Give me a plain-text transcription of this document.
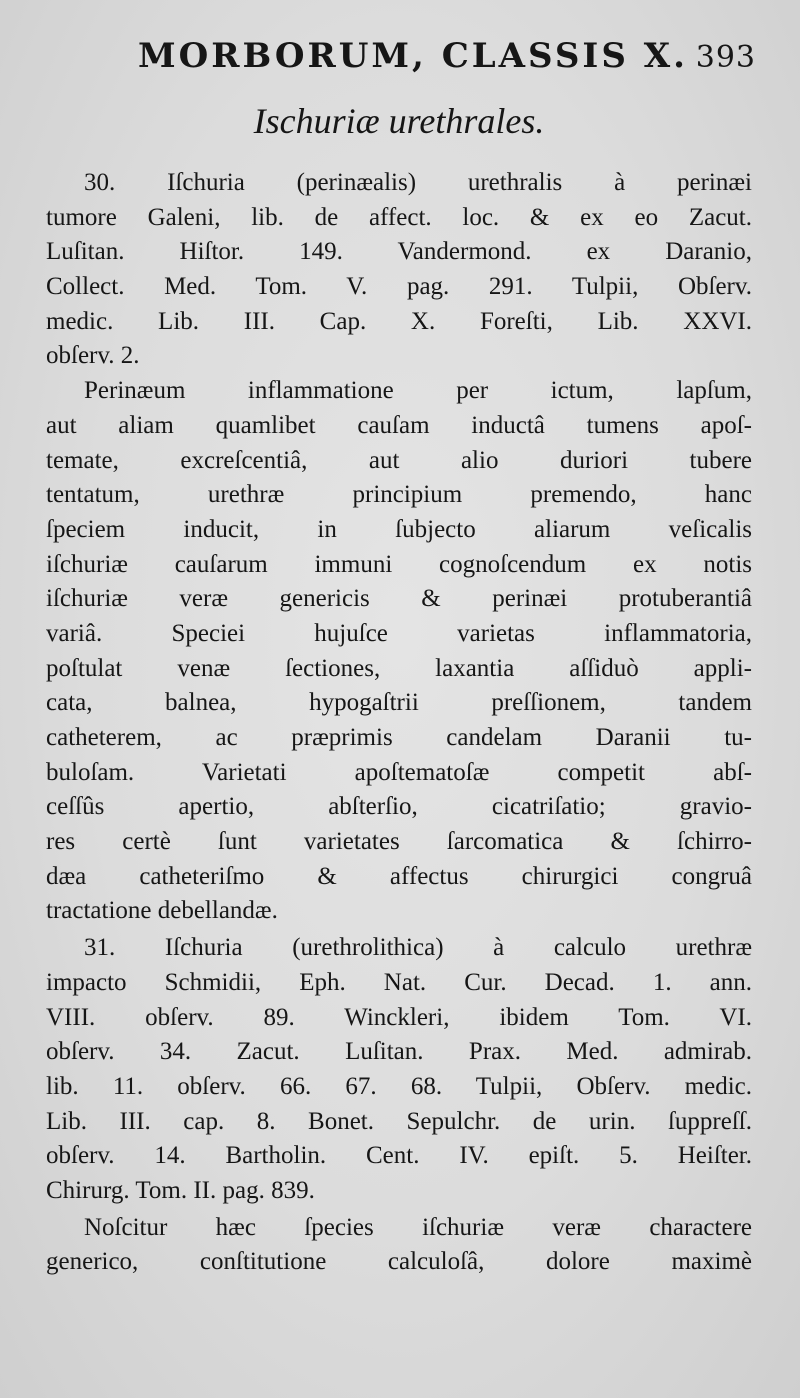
MORBORUM, CLASSIS X. 393
Ischuriæ urethrales.
30. Iſchuria (perinæalis) urethralis à perinæi
tumore Galeni, lib. de affect. loc. & ex eo Zacut.
Luſitan. Hiſtor. 149. Vandermond. ex Daranio,
Collect. Med. Tom. V. pag. 291. Tulpii, Obſerv.
medic. Lib. III. Cap. X. Foreſti, Lib. XXVI.
obſerv. 2.
Perinæum inflammatione per ictum, lapſum,
aut aliam quamlibet cauſam inductâ tumens apoſ-
temate, excreſcentiâ, aut alio duriori tubere
tentatum, urethræ principium premendo, hanc
ſpeciem inducit, in ſubjecto aliarum veſicalis
iſchuriæ cauſarum immuni cognoſcendum ex notis
iſchuriæ veræ genericis & perinæi protuberantiâ
variâ. Speciei hujuſce varietas inflammatoria,
poſtulat venæ ſectiones, laxantia aſſiduò appli-
cata, balnea, hypogaſtrii preſſionem, tandem
catheterem, ac præprimis candelam Daranii tu-
buloſam. Varietati apoſtematoſæ competit abſ-
ceſſûs apertio, abſterſio, cicatriſatio; gravio-
res certè ſunt varietates ſarcomatica & ſchirro-
dæa catheteriſmo & affectus chirurgici congruâ
tractatione debellandæ.
31. Iſchuria (urethrolithica) à calculo urethræ
impacto Schmidii, Eph. Nat. Cur. Decad. 1. ann.
VIII. obſerv. 89. Winckleri, ibidem Tom. VI.
obſerv. 34. Zacut. Luſitan. Prax. Med. admirab.
lib. 11. obſerv. 66. 67. 68. Tulpii, Obſerv. medic.
Lib. III. cap. 8. Bonet. Sepulchr. de urin. ſuppreſſ.
obſerv. 14. Bartholin. Cent. IV. epiſt. 5. Heiſter.
Chirurg. Tom. II. pag. 839.
Noſcitur hæc ſpecies iſchuriæ veræ charactere
generico, conſtitutione calculoſâ, dolore maximè
